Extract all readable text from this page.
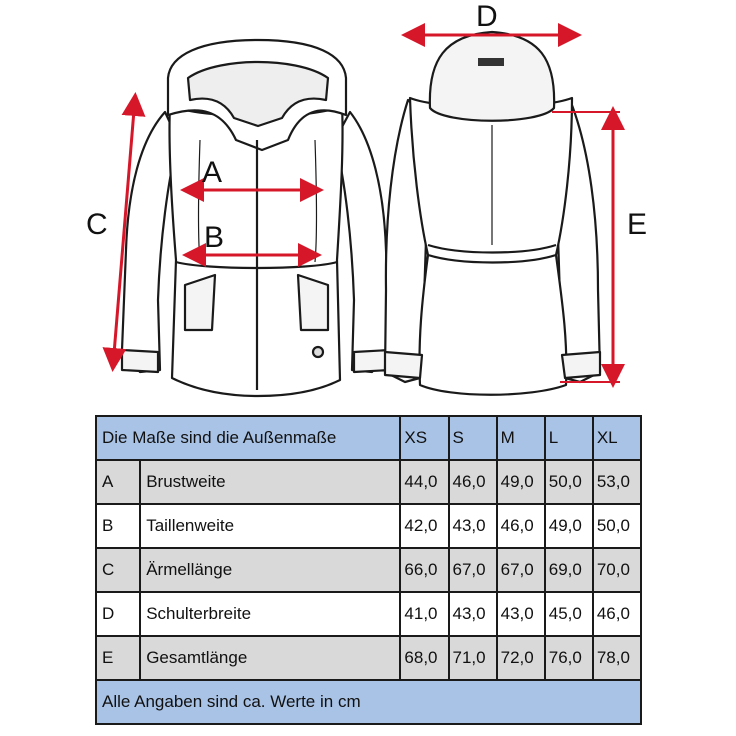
A
B
C
D
E
Die Maße sind die Außenmaße		XS	S	M	L	XL
A	Brustweite	44,0	46,0	49,0	50,0	53,0
B	Taillenweite	42,0	43,0	46,0	49,0	50,0
C	Ärmellänge	66,0	67,0	67,0	69,0	70,0
D	Schulterbreite	41,0	43,0	43,0	45,0	46,0
E	Gesamtlänge	68,0	71,0	72,0	76,0	78,0
Alle Angaben sind ca. Werte in cm						
